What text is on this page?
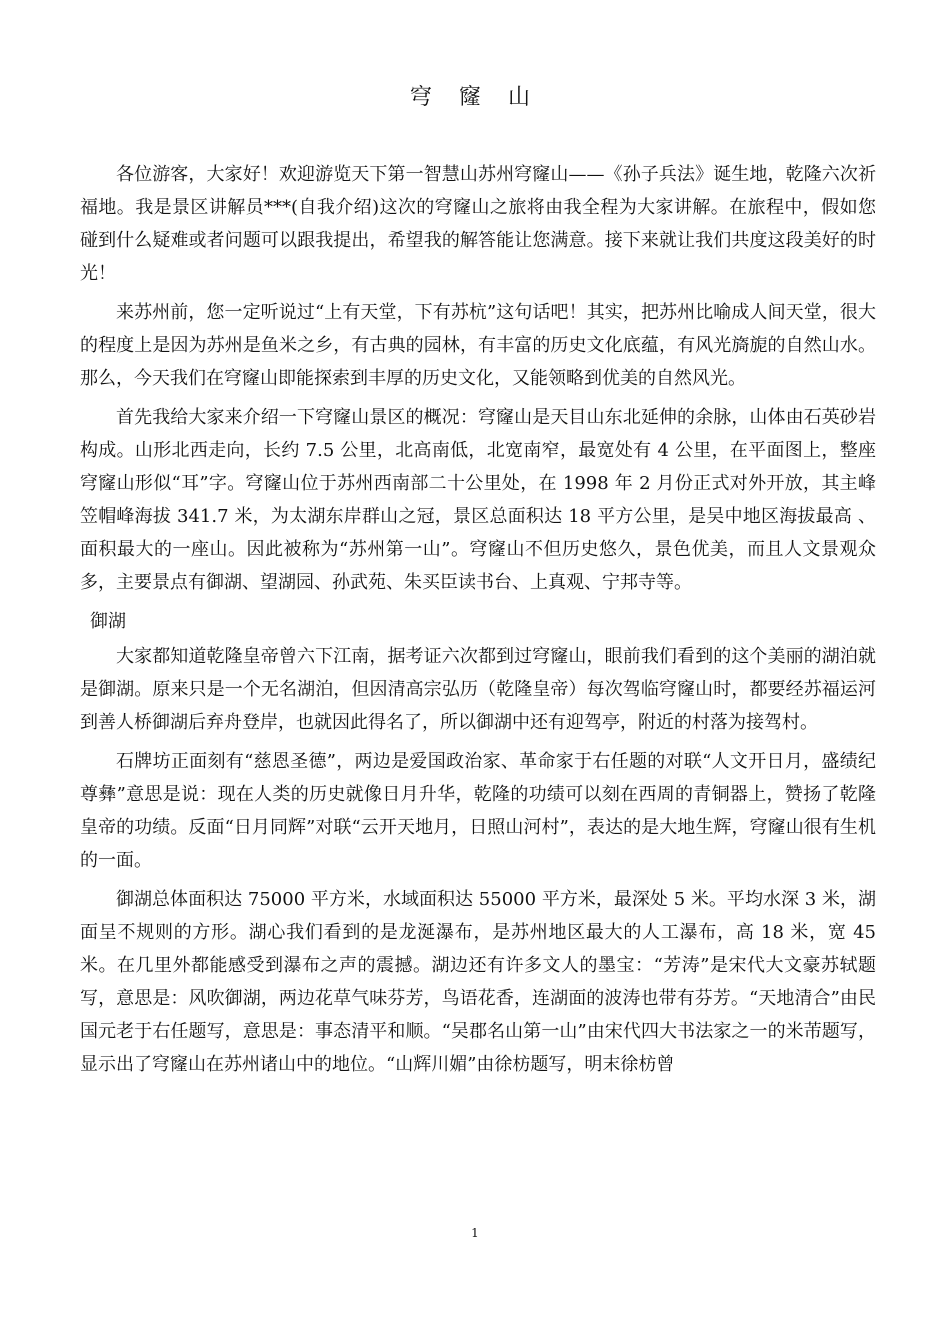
穹 窿 山

各位游客，大家好！欢迎游览天下第一智慧山苏州穹窿山——《孙子兵法》诞生地，乾隆六次祈福地。我是景区讲解员***(自我介绍)这次的穹窿山之旅将由我全程为大家讲解。在旅程中，假如您碰到什么疑难或者问题可以跟我提出，希望我的解答能让您满意。接下来就让我们共度这段美好的时光！

来苏州前，您一定听说过“上有天堂，下有苏杭”这句话吧！其实，把苏州比喻成人间天堂，很大的程度上是因为苏州是鱼米之乡，有古典的园林，有丰富的历史文化底蕴，有风光旖旎的自然山水。那么，今天我们在穹窿山即能探索到丰厚的历史文化，又能领略到优美的自然风光。

首先我给大家来介绍一下穹窿山景区的概况：穹窿山是天目山东北延伸的余脉，山体由石英砂岩构成。山形北西走向，长约 7.5 公里，北高南低，北宽南窄，最宽处有 4 公里，在平面图上，整座穹窿山形似“耳”字。穹窿山位于苏州西南部二十公里处，在 1998 年 2 月份正式对外开放，其主峰笠帽峰海拔 341.7 米，为太湖东岸群山之冠，景区总面积达 18 平方公里，是吴中地区海拔最高 、面积最大的一座山。因此被称为“苏州第一山”。穹窿山不但历史悠久，景色优美，而且人文景观众多，主要景点有御湖、望湖园、孙武苑、朱买臣读书台、上真观、宁邦寺等。

御湖

大家都知道乾隆皇帝曾六下江南，据考证六次都到过穹窿山，眼前我们看到的这个美丽的湖泊就是御湖。原来只是一个无名湖泊，但因清高宗弘历（乾隆皇帝）每次驾临穹窿山时，都要经苏福运河到善人桥御湖后弃舟登岸，也就因此得名了，所以御湖中还有迎驾亭，附近的村落为接驾村。

石牌坊正面刻有“慈恩圣德”，两边是爱国政治家、革命家于右任题的对联“人文开日月，盛绩纪尊彝”意思是说：现在人类的历史就像日月升华，乾隆的功绩可以刻在西周的青铜器上，赞扬了乾隆皇帝的功绩。反面“日月同辉”对联“云开天地月，日照山河村”，表达的是大地生辉，穹窿山很有生机的一面。

御湖总体面积达 75000 平方米，水域面积达 55000 平方米，最深处 5 米。平均水深 3 米，湖面呈不规则的方形。湖心我们看到的是龙涎瀑布，是苏州地区最大的人工瀑布，高 18 米，宽 45 米。在几里外都能感受到瀑布之声的震撼。湖边还有许多文人的墨宝：“芳涛”是宋代大文豪苏轼题写，意思是：风吹御湖，两边花草气味芬芳，鸟语花香，连湖面的波涛也带有芬芳。“天地清合”由民国元老于右任题写，意思是：事态清平和顺。“吴郡名山第一山”由宋代四大书法家之一的米芾题写，显示出了穹窿山在苏州诸山中的地位。“山辉川媚”由徐枋题写，明末徐枋曾

1
